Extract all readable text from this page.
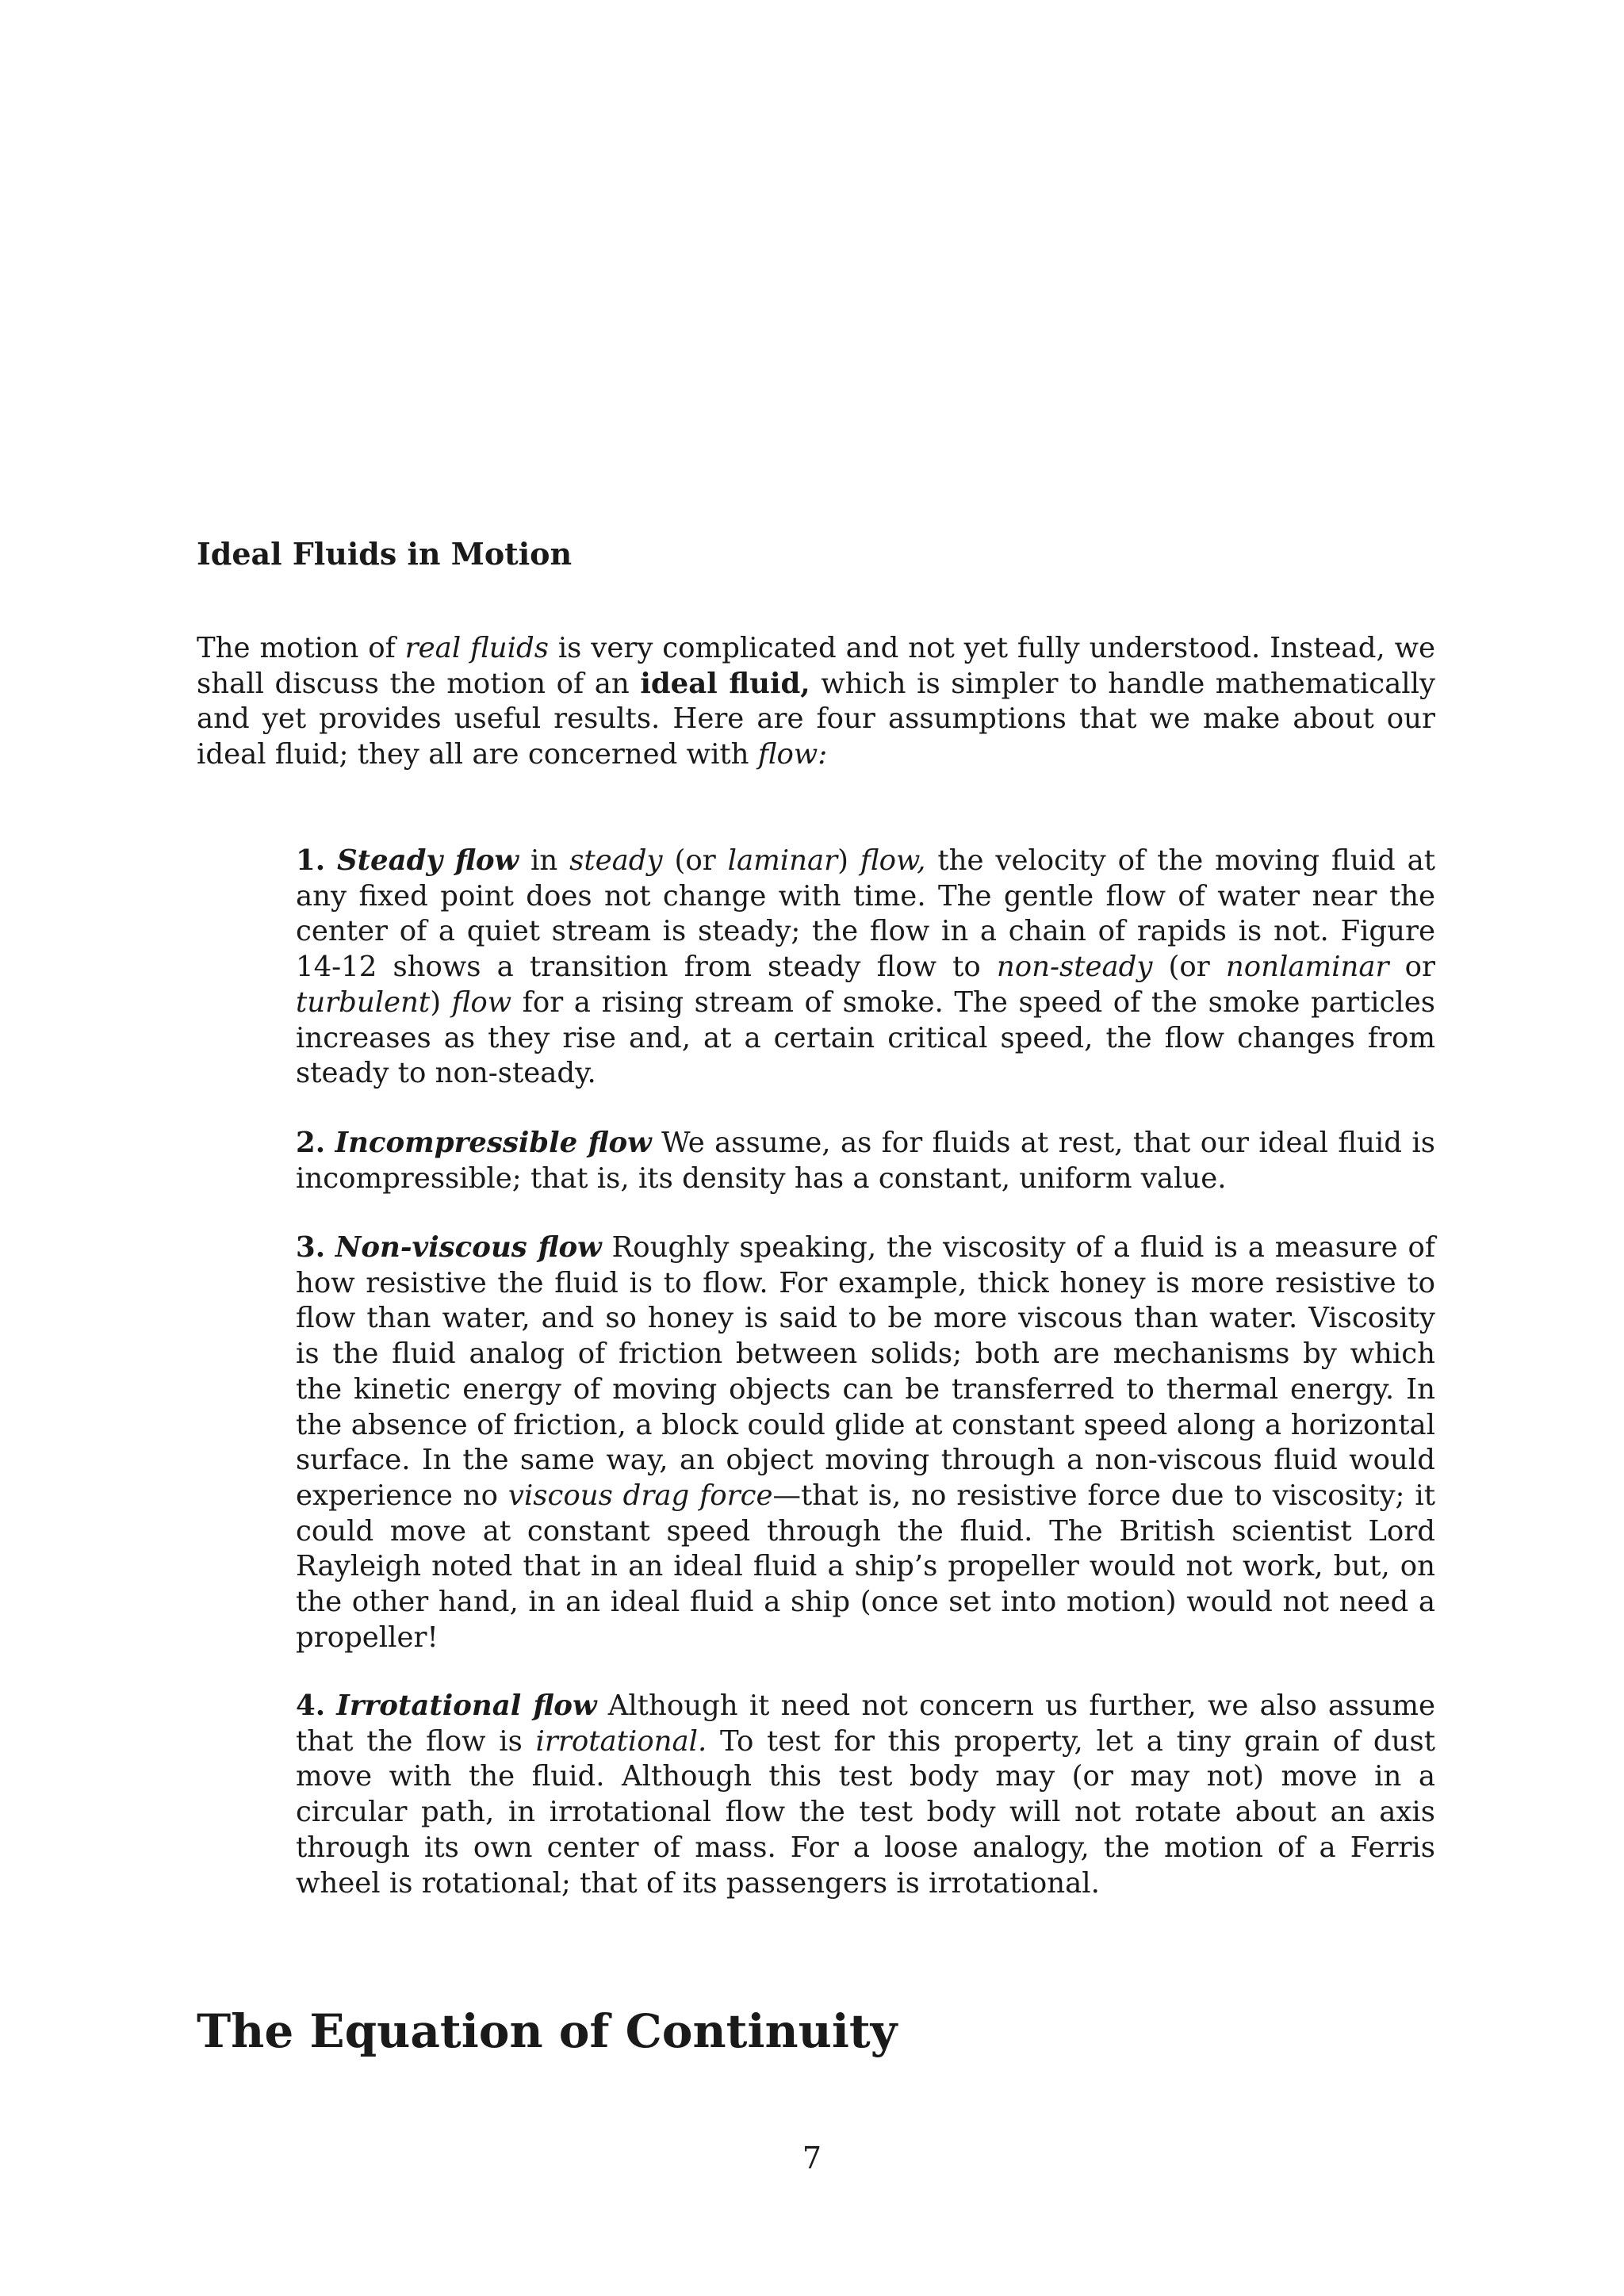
Ideal Fluids in Motion

The motion of real fluids is very complicated and not yet fully understood. Instead, we shall discuss the motion of an ideal fluid, which is simpler to handle mathematically and yet provides useful results. Here are four assumptions that we make about our ideal fluid; they all are concerned with flow:

1. Steady flow in steady (or laminar) flow, the velocity of the moving fluid at any fixed point does not change with time. The gentle flow of water near the center of a quiet stream is steady; the flow in a chain of rapids is not. Figure 14-12 shows a transition from steady flow to non-steady (or nonlaminar or turbulent) flow for a rising stream of smoke. The speed of the smoke particles increases as they rise and, at a certain critical speed, the flow changes from steady to non-steady.

2. Incompressible flow We assume, as for fluids at rest, that our ideal fluid is incompressible; that is, its density has a constant, uniform value.

3. Non-viscous flow Roughly speaking, the viscosity of a fluid is a measure of how resistive the fluid is to flow. For example, thick honey is more resistive to flow than water, and so honey is said to be more viscous than water. Viscosity is the fluid analog of friction between solids; both are mechanisms by which the kinetic energy of moving objects can be transferred to thermal energy. In the absence of friction, a block could glide at constant speed along a horizontal surface. In the same way, an object moving through a non-viscous fluid would experience no viscous drag force—that is, no resistive force due to viscosity; it could move at constant speed through the fluid. The British scientist Lord Rayleigh noted that in an ideal fluid a ship’s propeller would not work, but, on the other hand, in an ideal fluid a ship (once set into motion) would not need a propeller!

4. Irrotational flow Although it need not concern us further, we also assume that the flow is irrotational. To test for this property, let a tiny grain of dust move with the fluid. Although this test body may (or may not) move in a circular path, in irrotational flow the test body will not rotate about an axis through its own center of mass. For a loose analogy, the motion of a Ferris wheel is rotational; that of its passengers is irrotational.

The Equation of Continuity
7
